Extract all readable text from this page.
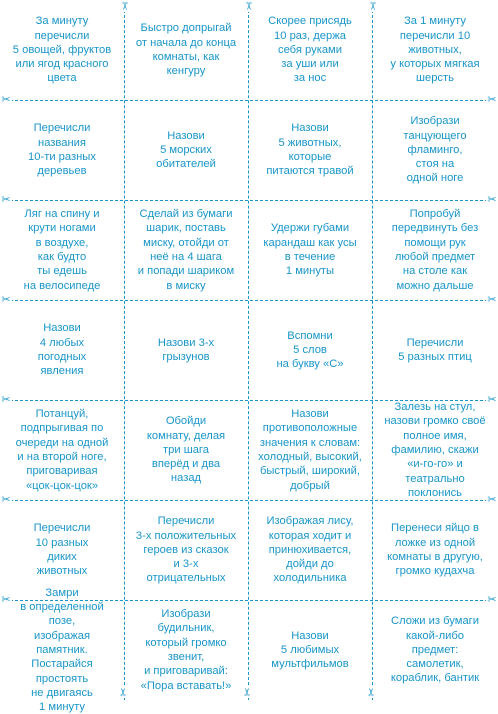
За минуту
перечисли
5 овощей, фруктов
или ягод красного
цвета
Быстро допрыгай
от начала до конца
комнаты, как
кенгуру
Скорее присядь
10 раз, держа
себя руками
за уши или
за нос
За 1 минуту
перечисли 10
животных,
у которых мягкая
шерсть
Перечисли
названия
10-ти разных
деревьев
Назови
5 морских
обитателей
Назови
5 животных,
которые
питаются травой
Изобрази
танцующего
фламинго,
стоя на
одной ноге
Ляг на спину и
крути ногами
в воздухе,
как будто
ты едешь
на велосипеде
Сделай из бумаги
шарик, поставь
миску, отойди от
неё на 4 шага
и попади шариком
в миску
Удержи губами
карандаш как усы
в течение
1 минуты
Попробуй
передвинуть без
помощи рук
любой предмет
на столе как
можно дальше
Назови
4 любых
погодных
явления
Назови 3-х
грызунов
Вспомни
5 слов
на букву «С»
Перечисли
5 разных птиц
Потанцуй,
подпрыгивая по
очереди на одной
и на второй ноге,
приговаривая
«цок-цок-цок»
Обойди
комнату, делая
три шага
вперёд и два
назад
Назови
противоположные
значения к словам:
холодный, высокий,
быстрый, широкий,
добрый
Залезь на стул,
назови громко своё
полное имя,
фамилию, скажи
«и-го-го» и театрально
поклонись
Перечисли
10 разных
диких
животных
Перечисли
3-х положительных
героев из сказок
и 3-х
отрицательных
Изображая лису,
которая ходит и
принюхивается,
дойди до
холодильника
Перенеси яйцо в
ложке из одной
комнаты в другую,
громко кудахча
Замри
в определенной позе,
изображая памятник.
Постарайся
простоять
не двигаясь
1 минуту
Изобрази
будильник,
который громко
звенит,
и приговаривай:
«Пора вставать!»
Назови
5 любимых
мультфильмов
Сложи из бумаги
какой-либо
предмет:
самолетик,
кораблик, бантик
✂	✂
✂	✂
✂	✂
✂	✂
✂	✂
✂	✂
✂
✂
✂
✂
✂
✂
